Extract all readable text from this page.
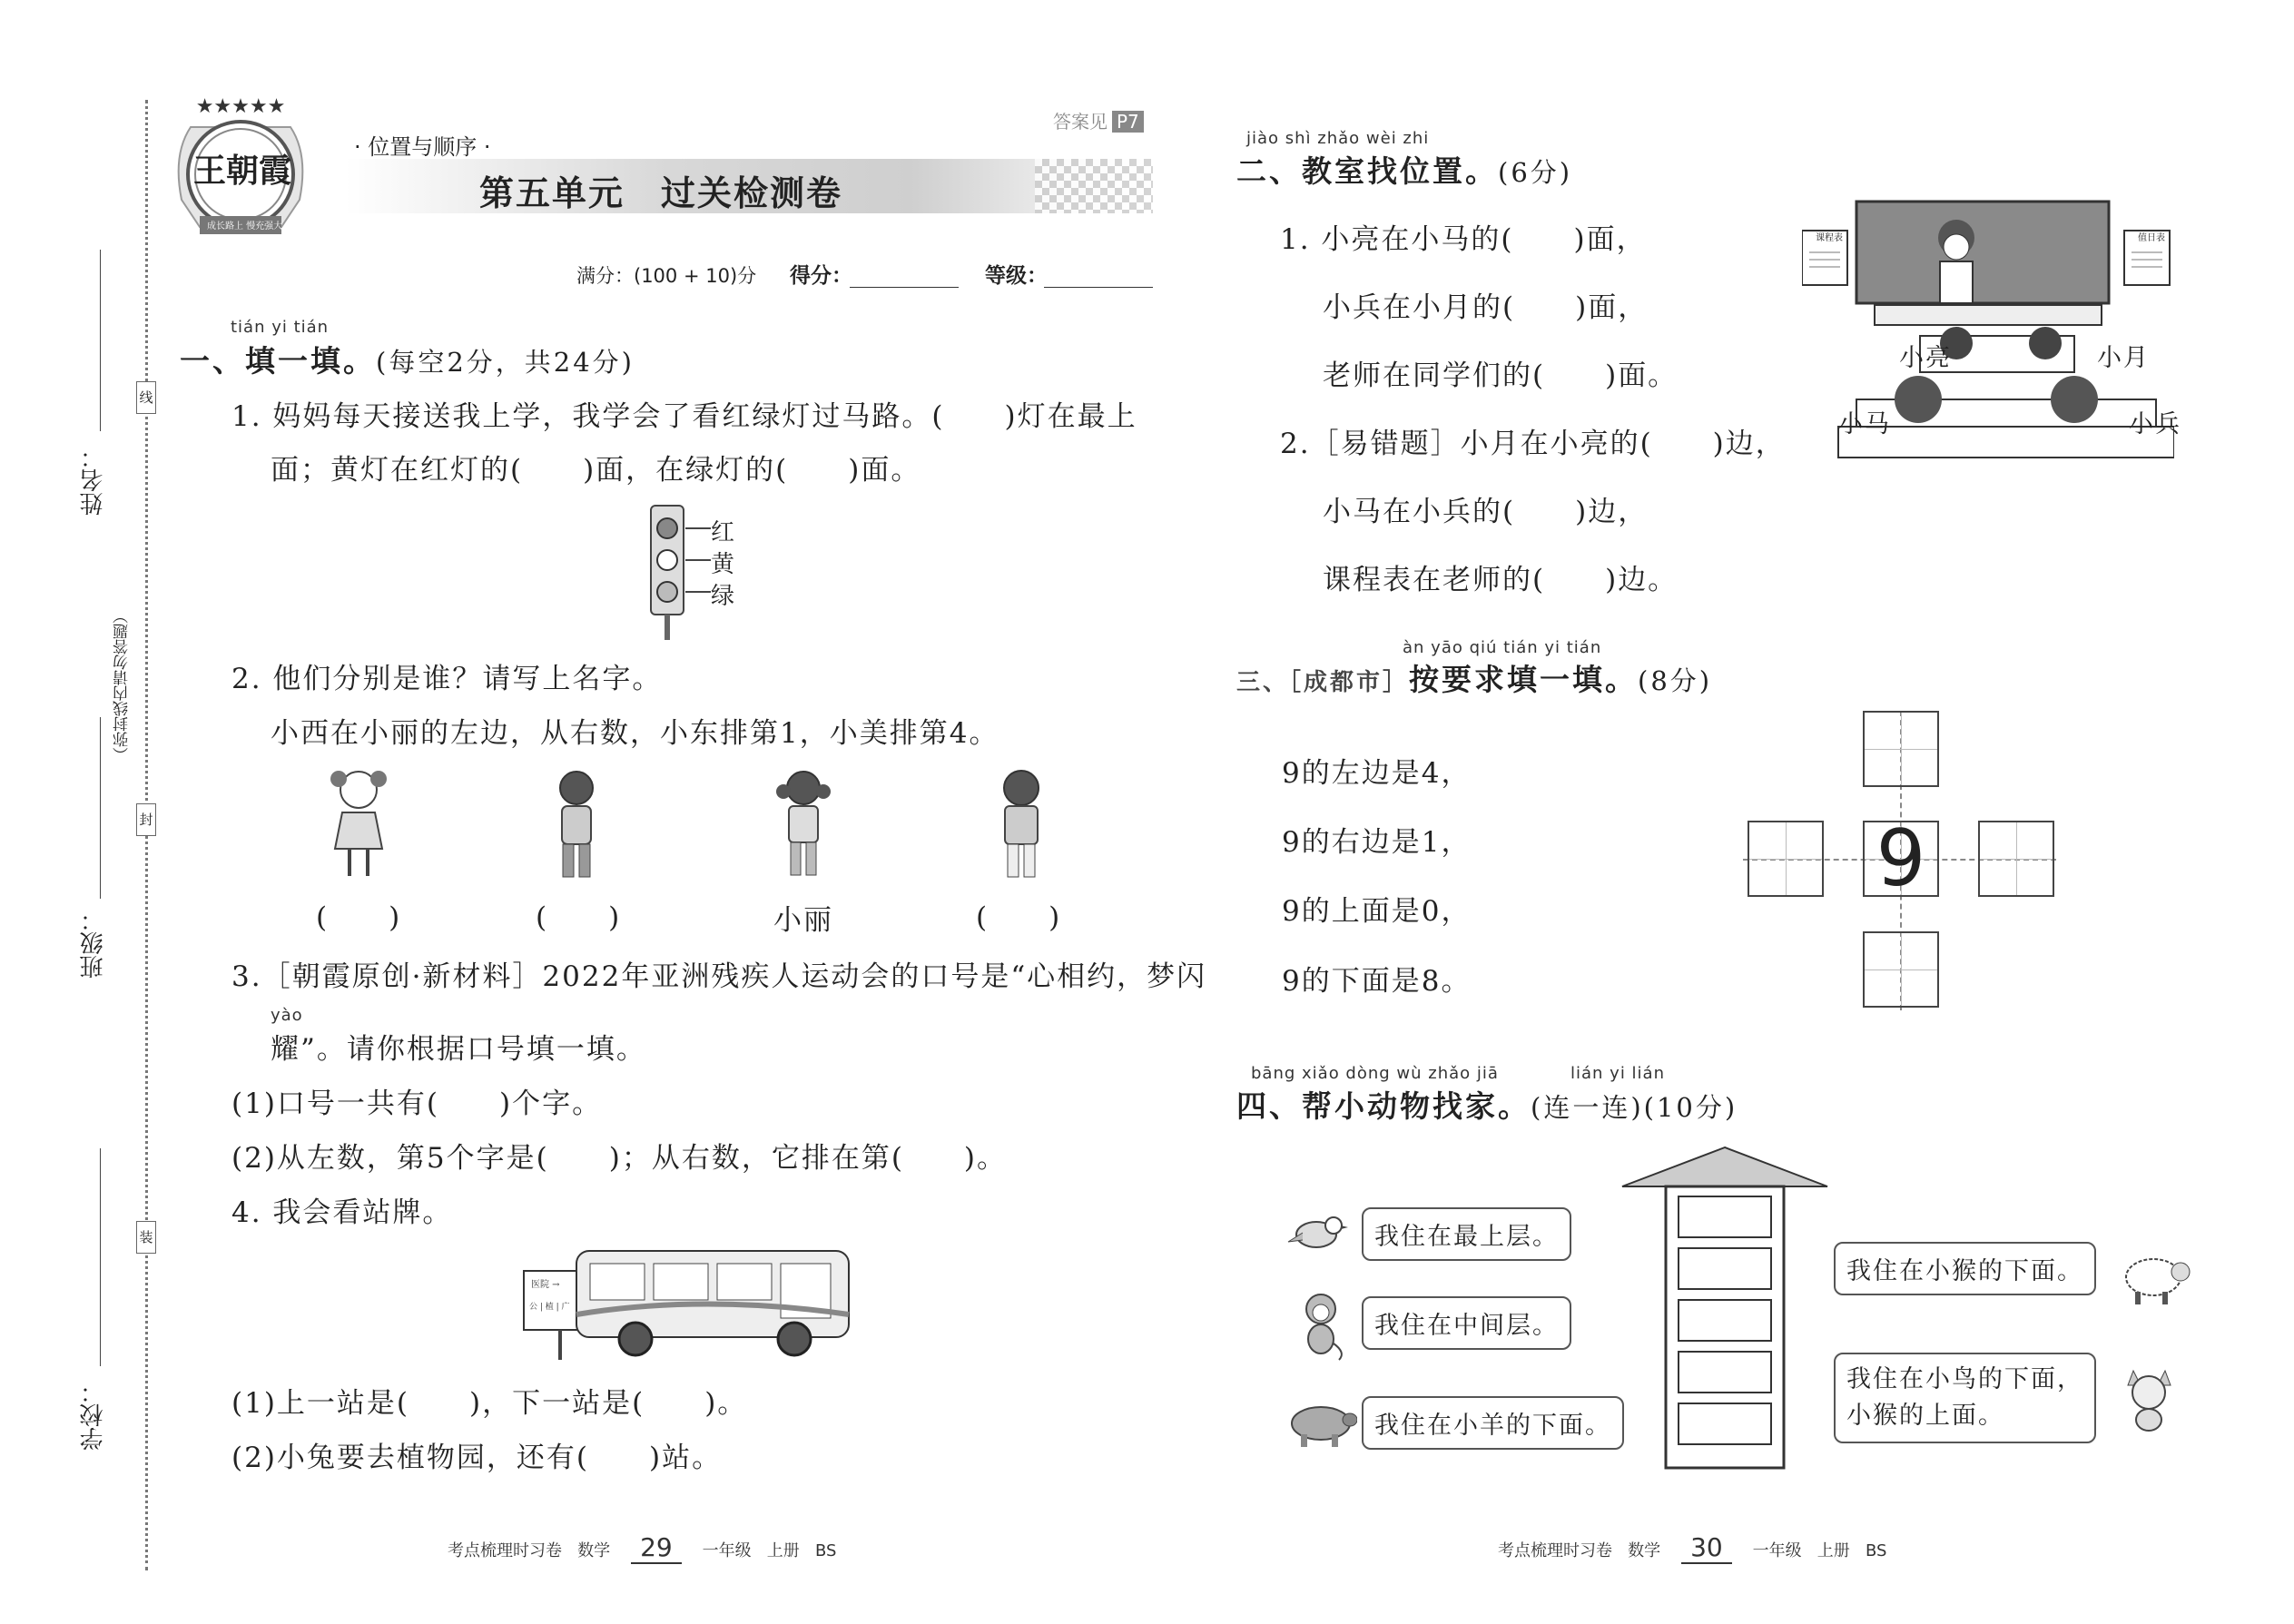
线
封
装
姓名：
（弥封线内请勿答题）
班级：
学校：
★★★★★
王朝霞
成长路上 慢充强大
答案见 P7
· 位置与顺序 ·
第五单元　过关检测卷
满分：(100 + 10)分 得分：	等级：
tián yi tián
一、填一填。(每空2分，共24分)
1. 妈妈每天接送我上学，我学会了看红绿灯过马路。(　　)灯在最上
面；黄灯在红灯的(　　)面，在绿灯的(　　)面。
红
黄
绿
2. 他们分别是谁？请写上名字。
小西在小丽的左边，从右数，小东排第1，小美排第4。
(　　)	(　　)	小丽	(　　)
3.［朝霞原创·新材料］2022年亚洲残疾人运动会的口号是“心相约，梦闪
yào
耀”。请你根据口号填一填。
(1)口号一共有(　　)个字。
(2)从左数，第5个字是(　　)；从右数，它排在第(　　)。
4. 我会看站牌。
医院 →
公 | 植 | 广
(1)上一站是(　　)，下一站是(　　)。
(2)小兔要去植物园，还有(　　)站。
考点梳理时习卷 数学 29 一年级 上册 BS
jiào shì zhǎo wèi zhi
二、教室找位置。(6分)
1. 小亮在小马的(　　)面，
小兵在小月的(　　)面，
老师在同学们的(　　)面。
2.［易错题］小月在小亮的(　　)边，
小马在小兵的(　　)边，
课程表在老师的(　　)边。
课程表	值日表
小亮	小月
小马	小兵
àn yāo qiú tián yi tián
三、［成都市］按要求填一填。(8分)
9的左边是4，
9的右边是1，
9的上面是0，
9的下面是8。
9
bāng xiǎo dòng wù zhǎo jiā	lián yi lián
四、帮小动物找家。(连一连)(10分)
我住在最上层。
我住在中间层。
我住在小羊的下面。
我住在小猴的下面。
我住在小鸟的下面，
小猴的上面。
考点梳理时习卷 数学 30 一年级 上册 BS
